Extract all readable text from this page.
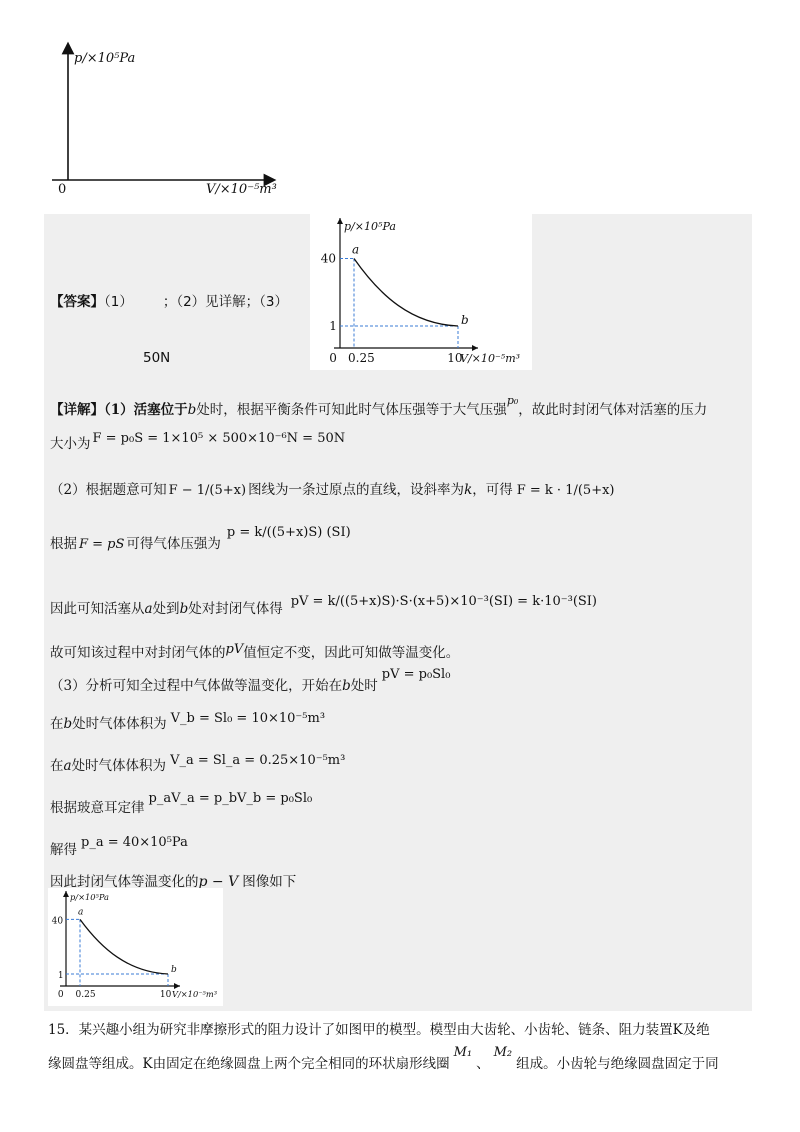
p/×10⁵Pa
0	V/×10⁻⁵m³
【答案】（1） ；（2）见详解；（3）
50N
a
b
40
1
0 0.25	10
V/×10⁻⁵m³
p/×10⁵Pa
【详解】（1）活塞位于b处时，根据平衡条件可知此时气体压强等于大气压强$^{p_0}$，故此时封闭气体对活塞的压力
大小为 F = p₀S = 1×10⁵ × 500×10⁻⁶N = 50N
（2）根据题意可知 F − 1/(5+x) 图线为一条过原点的直线，设斜率为k，可得 F = k · 1/(5+x)
根据 F = pS 可得气体压强为p = k/((5+x)S) (SI)
因此可知活塞从a处到b处对封闭气体得 pV = k/((5+x)S)·S·(x+5)×10⁻³(SI) = k·10⁻³(SI)
故可知该过程中对封闭气体的pV值恒定不变，因此可知做等温变化。
（3）分析可知全过程中气体做等温变化，开始在b处时pV = p₀Sl₀
在b处时气体体积为 V_b = Sl₀ = 10×10⁻⁵m³
在a处时气体体积为 V_a = Sl_a = 0.25×10⁻⁵m³
根据玻意耳定律p_aV_a = p_bV_b = p₀Sl₀
解得 p_a = 40×10⁵Pa
因此封闭气体等温变化的p − V 图像如下
a
b
40
1
0 0.25	10 V/×10⁻⁵m³
p/×10⁵Pa
15．某兴趣小组为研究非摩擦形式的阻力设计了如图甲的模型。模型由大齿轮、小齿轮、链条、阻力装置K及绝
缘圆盘等组成。K由固定在绝缘圆盘上两个完全相同的环状扇形线圈M₁、M₂组成。小齿轮与绝缘圆盘固定于同
